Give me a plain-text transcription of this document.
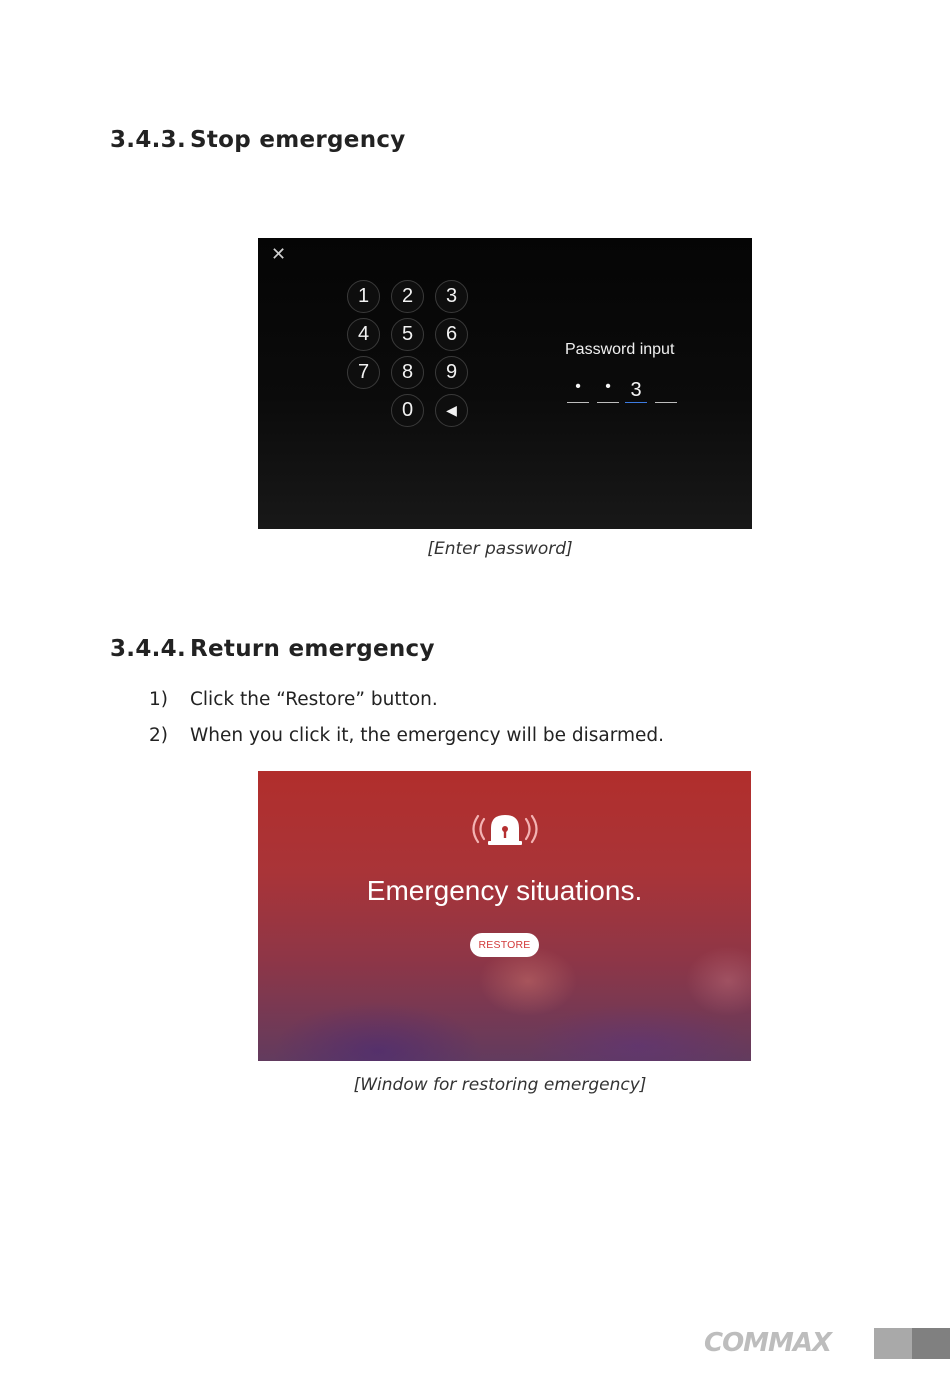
3.4.3. Stop emergency
✕
1	2	3
4	5	6
7	8	9
0	◀
Password input
•	• 3
[Enter password]
3.4.4. Return emergency
1) Click the “Restore” button.
2) When you click it, the emergency will be disarmed.
Emergency situations.
RESTORE
[Window for restoring emergency]
COMMAX
